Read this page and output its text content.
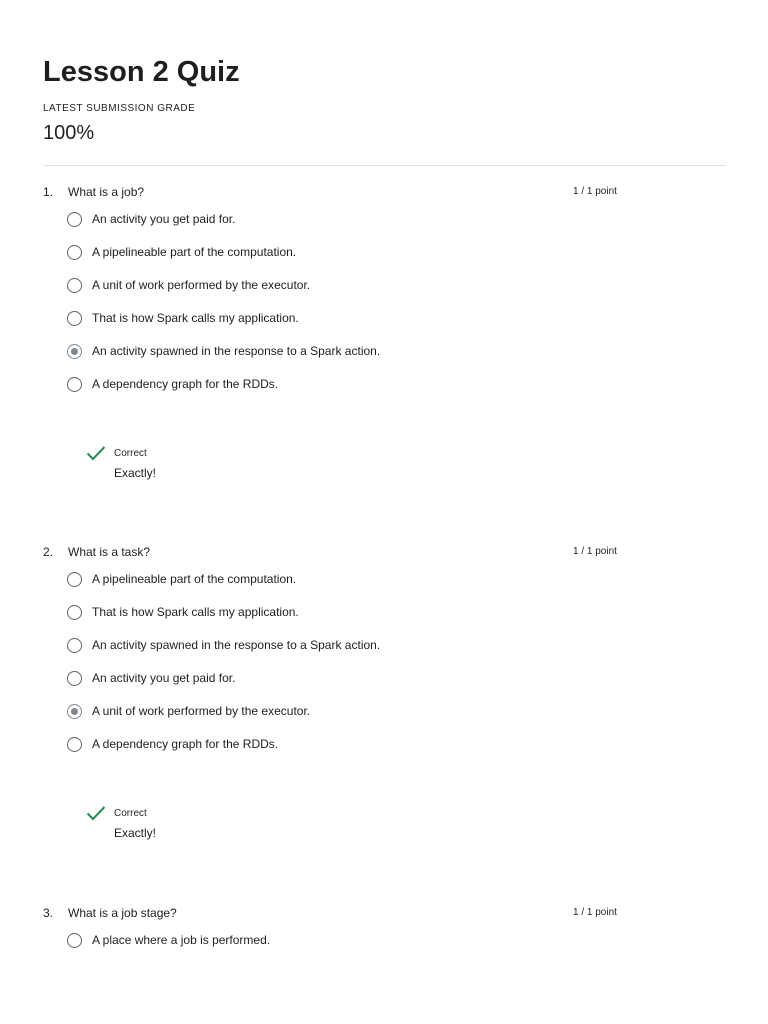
Lesson 2 Quiz
LATEST SUBMISSION GRADE
100%
1. What is a job?	1 / 1 point
An activity you get paid for.
A pipelineable part of the computation.
A unit of work performed by the executor.
That is how Spark calls my application.
An activity spawned in the response to a Spark action.
A dependency graph for the RDDs.
Correct
Exactly!
2. What is a task?	1 / 1 point
A pipelineable part of the computation.
That is how Spark calls my application.
An activity spawned in the response to a Spark action.
An activity you get paid for.
A unit of work performed by the executor.
A dependency graph for the RDDs.
Correct
Exactly!
3. What is a job stage?	1 / 1 point
A place where a job is performed.
